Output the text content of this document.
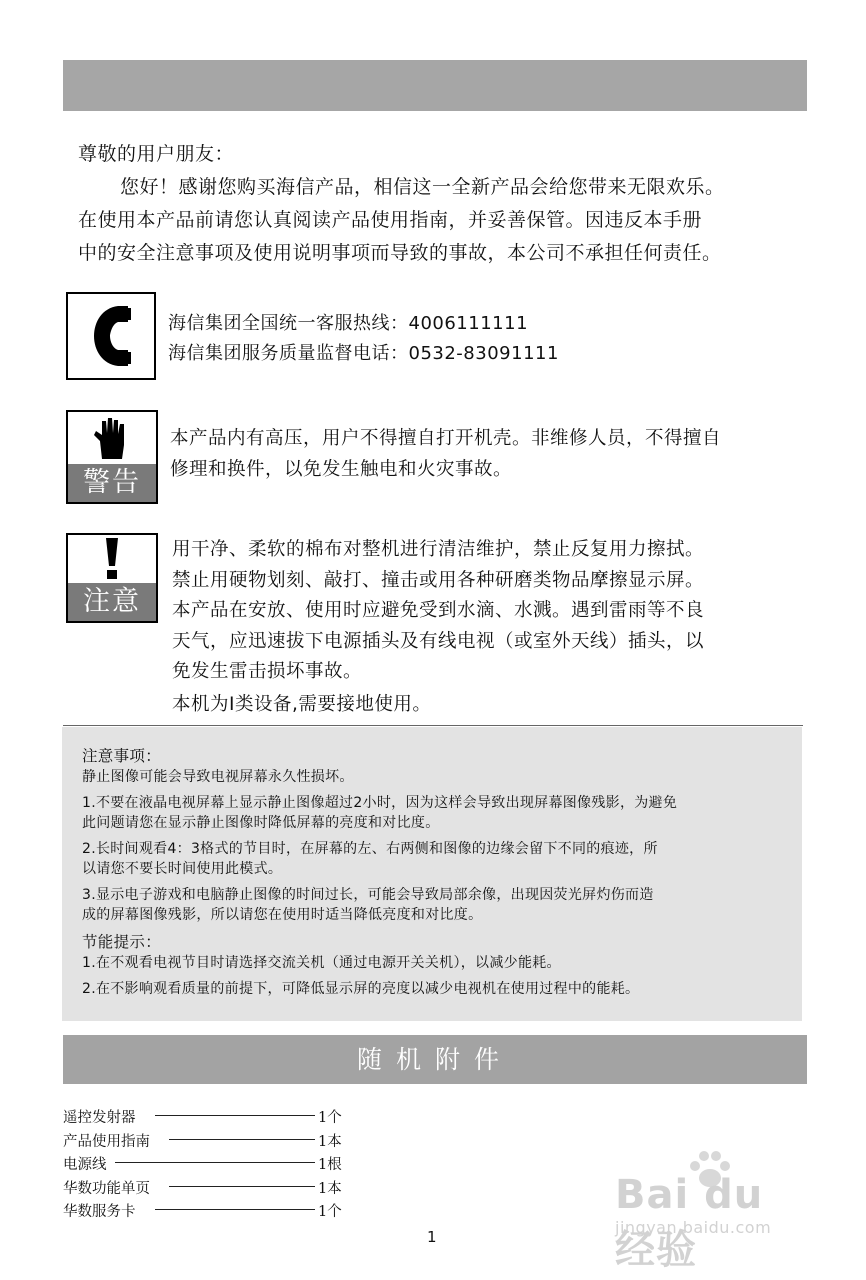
尊敬的用户朋友：

您好！感谢您购买海信产品，相信这一全新产品会给您带来无限欢乐。

在使用本产品前请您认真阅读产品使用指南，并妥善保管。因违反本手册

中的安全注意事项及使用说明事项而导致的事故，本公司不承担任何责任。

海信集团全国统一客服热线：4006111111

海信集团服务质量监督电话：0532-83091111

警告

本产品内有高压，用户不得擅自打开机壳。非维修人员，不得擅自

修理和换件，以免发生触电和火灾事故。

注意

用干净、柔软的棉布对整机进行清洁维护，禁止反复用力擦拭。

禁止用硬物划刻、敲打、撞击或用各种研磨类物品摩擦显示屏。

本产品在安放、使用时应避免受到水滴、水溅。遇到雷雨等不良

天气，应迅速拔下电源插头及有线电视（或室外天线）插头，以

免发生雷击损坏事故。

本机为Ⅰ类设备,需要接地使用。

注意事项：

静止图像可能会导致电视屏幕永久性损坏。

1.不要在液晶电视屏幕上显示静止图像超过2小时，因为这样会导致出现屏幕图像残影，为避免

此问题请您在显示静止图像时降低屏幕的亮度和对比度。

2.长时间观看4：3格式的节目时，在屏幕的左、右两侧和图像的边缘会留下不同的痕迹，所

以请您不要长时间使用此模式。

3.显示电子游戏和电脑静止图像的时间过长，可能会导致局部余像，出现因荧光屏灼伤而造

成的屏幕图像残影，所以请您在使用时适当降低亮度和对比度。

节能提示：

1.在不观看电视节目时请选择交流关机（通过电源开关关机），以减少能耗。

2.在不影响观看质量的前提下，可降低显示屏的亮度以减少电视机在使用过程中的能耗。

随机附件
遥控发射器	1个
产品使用指南	1本
电源线	1根
华数功能单页	1本
华数服务卡	1个
1
Bai du 经验
jingyan.baidu.com
